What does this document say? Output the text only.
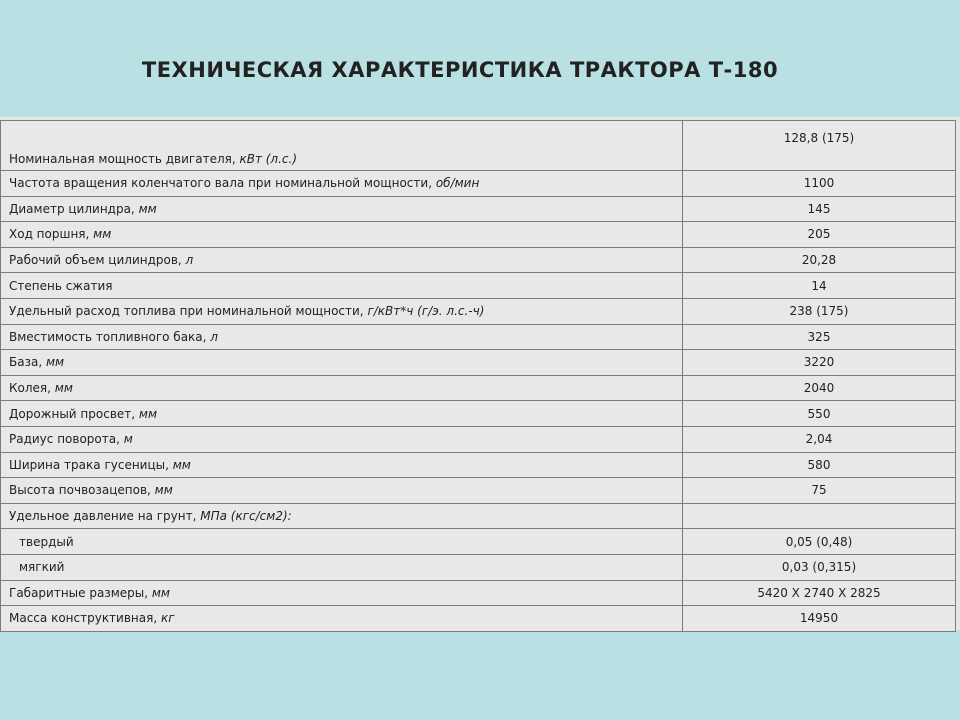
ТЕХНИЧЕСКАЯ ХАРАКТЕРИСТИКА ТРАКТОРА Т-180
Номинальная мощность двигателя, кВт (л.с.)	128,8 (175)
Частота вращения коленчатого вала при номинальной мощности, об/мин	1100
Диаметр цилиндра, мм	145
Ход поршня, мм	205
Рабочий объем цилиндров, л	20,28
Степень сжатия	14
Удельный расход топлива при номинальной мощности, г/кВт*ч (г/э. л.с.-ч)	238 (175)
Вместимость топливного бака, л	325
База, мм	3220
Колея, мм	2040
Дорожный просвет, мм	550
Радиус поворота, м	2,04
Ширина трака гусеницы, мм	580
Высота почвозацепов, мм	75
Удельное давление на грунт, МПа (кгс/см2):	
твердый	0,05 (0,48)
мягкий	0,03 (0,315)
Габаритные размеры, мм	5420 X 2740 X 2825
Масса конструктивная, кг	14950
